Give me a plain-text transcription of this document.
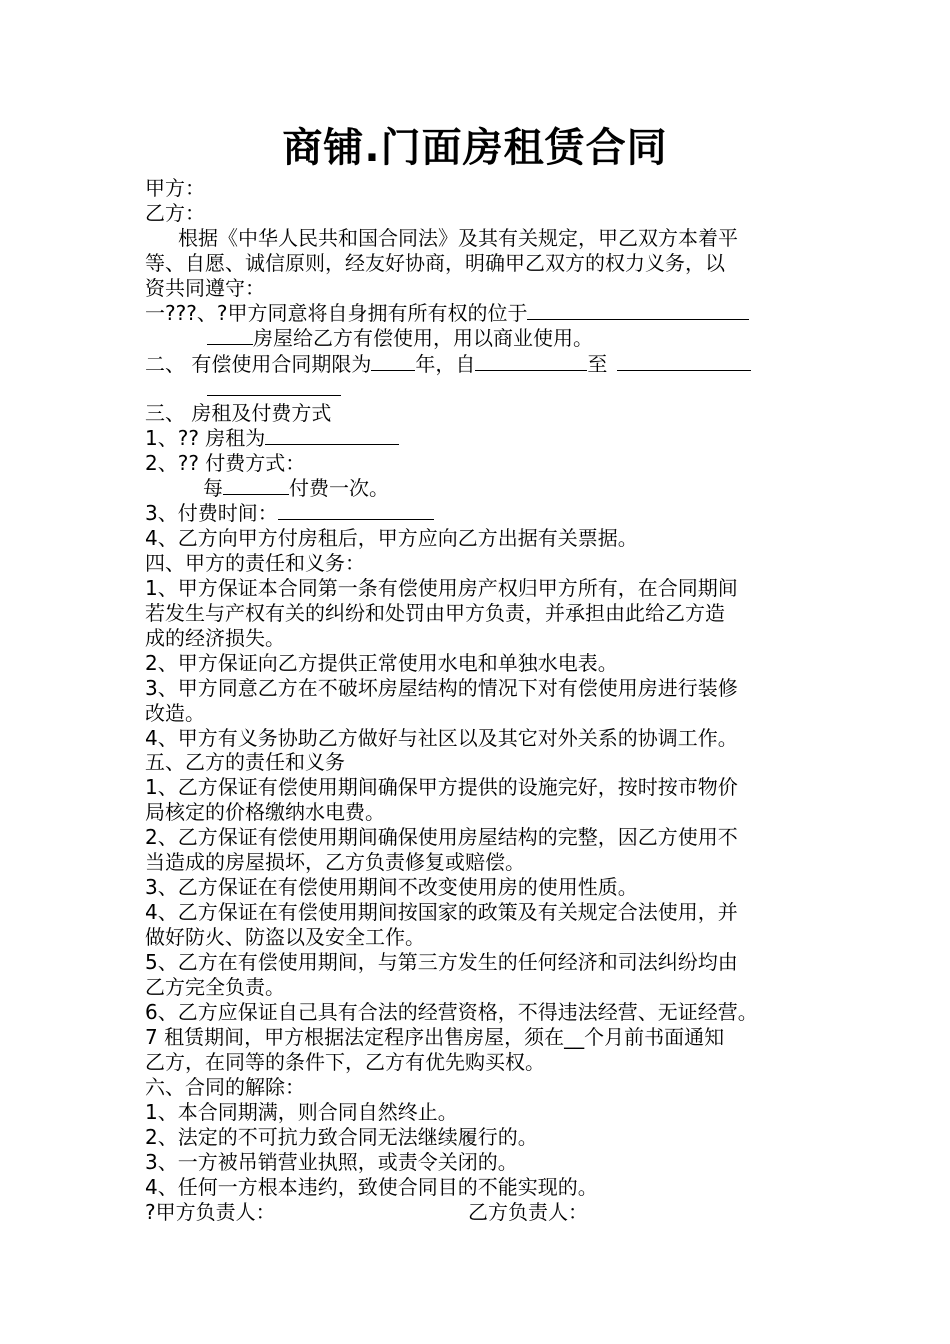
商铺.门面房租赁合同
甲方：
乙方：
根据《中华人民共和国合同法》及其有关规定，甲乙双方本着平
等、自愿、诚信原则，经友好协商，明确甲乙双方的权力义务，以
资共同遵守：
一???、?甲方同意将自身拥有所有权的位于
房屋给乙方有偿使用，用以商业使用。
二、 有偿使用合同期限为 年，自	至
三、 房租及付费方式
1、?? 房租为
2、?? 付费方式：
每	付费一次。
3、付费时间：
4、乙方向甲方付房租后，甲方应向乙方出据有关票据。
四、甲方的责任和义务：
1、甲方保证本合同第一条有偿使用房产权归甲方所有，在合同期间
若发生与产权有关的纠纷和处罚由甲方负责，并承担由此给乙方造
成的经济损失。
2、甲方保证向乙方提供正常使用水电和单独水电表。
3、甲方同意乙方在不破坏房屋结构的情况下对有偿使用房进行装修
改造。
4、甲方有义务协助乙方做好与社区以及其它对外关系的协调工作。
五、乙方的责任和义务
1、乙方保证有偿使用期间确保甲方提供的设施完好，按时按市物价
局核定的价格缴纳水电费。
2、乙方保证有偿使用期间确保使用房屋结构的完整，因乙方使用不
当造成的房屋损坏，乙方负责修复或赔偿。
3、乙方保证在有偿使用期间不改变使用房的使用性质。
4、乙方保证在有偿使用期间按国家的政策及有关规定合法使用，并
做好防火、防盗以及安全工作。
5、乙方在有偿使用期间，与第三方发生的任何经济和司法纠纷均由
乙方完全负责。
6、乙方应保证自己具有合法的经营资格，不得违法经营、无证经营。
7 租赁期间，甲方根据法定程序出售房屋，须在__个月前书面通知
乙方，在同等的条件下，乙方有优先购买权。
六、合同的解除：
1、本合同期满，则合同自然终止。
2、法定的不可抗力致合同无法继续履行的。
3、一方被吊销营业执照，或责令关闭的。
4、任何一方根本违约，致使合同目的不能实现的。
?甲方负责人：	乙方负责人：
